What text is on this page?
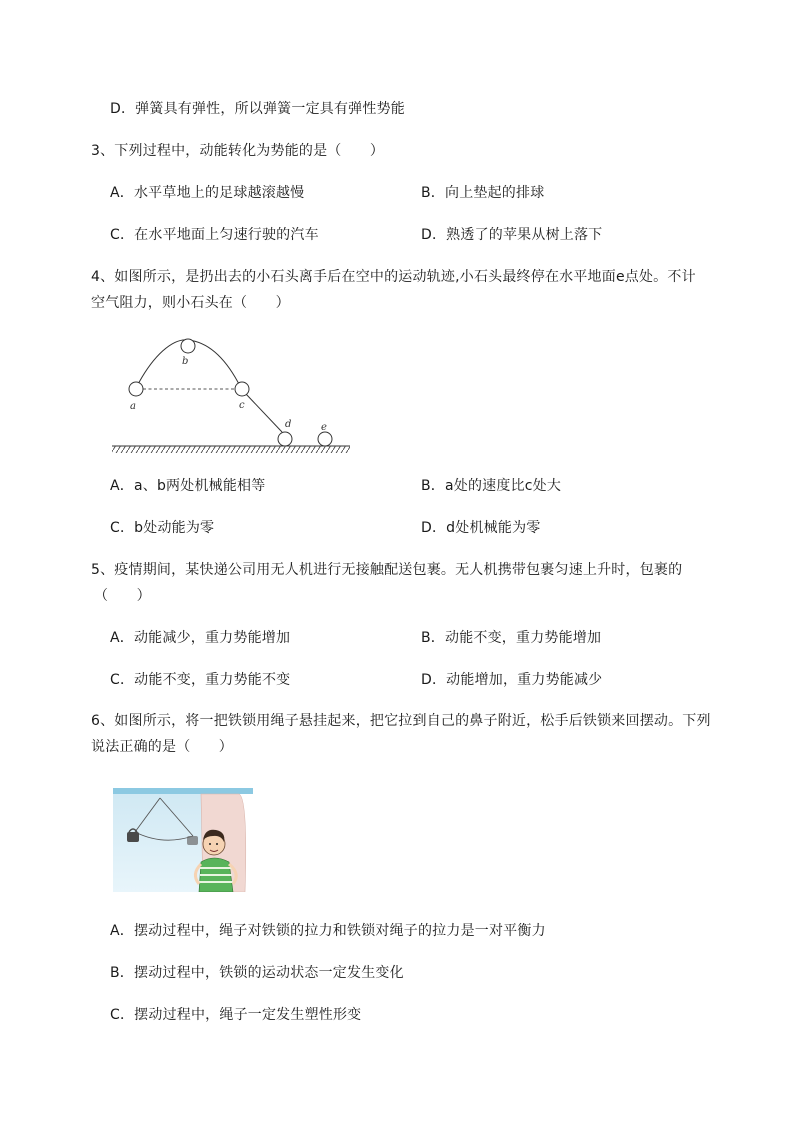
D．弹簧具有弹性，所以弹簧一定具有弹性势能
3、下列过程中，动能转化为势能的是（　　）
A．水平草地上的足球越滚越慢	B．向上垫起的排球
C．在水平地面上匀速行驶的汽车	D．熟透了的苹果从树上落下
4、如图所示，是扔出去的小石头离手后在空中的运动轨迹,小石头最终停在水平地面e点处。不计
空气阻力，则小石头在（　　）
a
b
c
d	e
A．a、b两处机械能相等	B．a处的速度比c处大
C．b处动能为零	D．d处机械能为零
5、疫情期间，某快递公司用无人机进行无接触配送包裹。无人机携带包裹匀速上升时，包裹的
（　　）
A．动能减少，重力势能增加	B．动能不变，重力势能增加
C．动能不变，重力势能不变	D．动能增加，重力势能减少
6、如图所示，将一把铁锁用绳子悬挂起来，把它拉到自己的鼻子附近，松手后铁锁来回摆动。下列
说法正确的是（　　）
A．摆动过程中，绳子对铁锁的拉力和铁锁对绳子的拉力是一对平衡力
B．摆动过程中，铁锁的运动状态一定发生变化
C．摆动过程中，绳子一定发生塑性形变
